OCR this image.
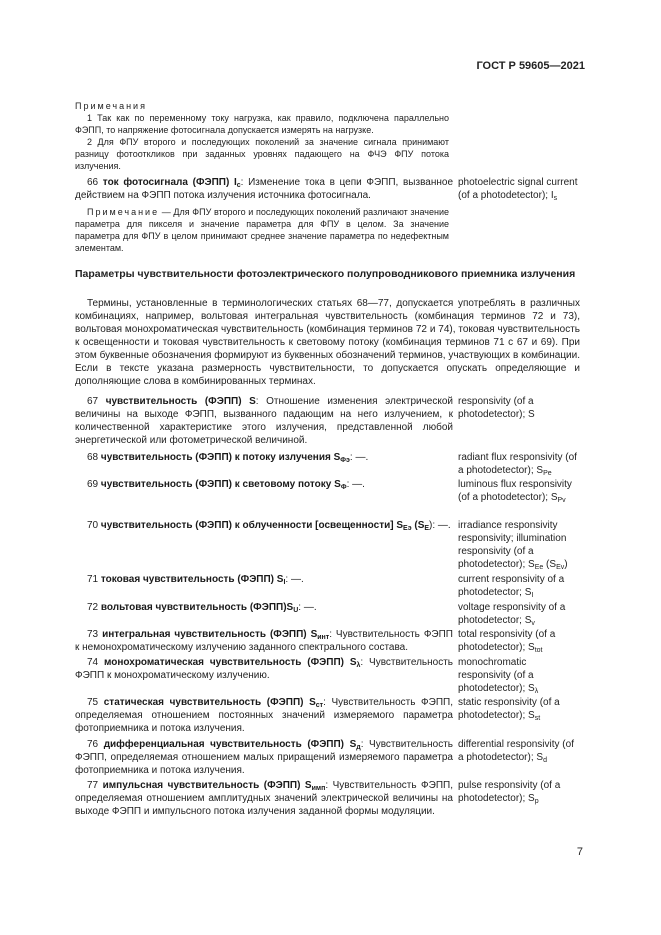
ГОСТ Р 59605—2021
Примечания
1 Так как по переменному току нагрузка, как правило, подключена параллельно ФЭПП, то напряжение фотосигнала допускается измерять на нагрузке.
2 Для ФПУ второго и последующих поколений за значение сигнала принимают разницу фотооткликов при заданных уровнях падающего на ФЧЭ ФПУ потока излучения.
66 ток фотосигнала (ФЭПП) $I_c$: Изменение тока в цепи ФЭПП, вызванное действием на ФЭПП потока излучения источника фотосигнала.
photoelectric signal current (of a photodetector); $I_s$
Примечание — Для ФПУ второго и последующих поколений различают значение параметра для пикселя и значение параметра для ФПУ в целом. За значение параметра для ФПУ в целом принимают среднее значение параметра по недефектным элементам.
Параметры чувствительности фотоэлектрического полупроводникового приемника излучения
Термины, установленные в терминологических статьях 68—77, допускается употреблять в различных комбинациях, например, вольтовая интегральная чувствительность (комбинация терминов 72 и 73), вольтовая монохроматическая чувствительность (комбинация терминов 72 и 74), токовая чувствительность к освещенности и токовая чувствительность к световому потоку (комбинация терминов 71 с 67 и 69). При этом буквенные обозначения формируют из буквенных обозначений терминов, участвующих в комбинации. Если в тексте указана размерность чувствительности, то допускается опускать определяющие и дополняющие слова в комбинированных терминах.
67 чувствительность (ФЭПП) S: Отношение изменения электрической величины на выходе ФЭПП, вызванного падающим на него излучением, к количественной характеристике этого излучения, представленной любой энергетической или фотометрической величиной.
responsivity (of a photodetector); S
68 чувствительность (ФЭПП) к потоку излучения $S_{\Phi э}$: —.	radiant flux responsivity (of a photodetector); $S_{Pe}$
69 чувствительность (ФЭПП) к световому потоку $S_\Phi$: —.	luminous flux responsivity (of a photodetector); $S_{Pv}$
70 чувствительность (ФЭПП) к облученности [освещенности] $S_{Eэ}$ $(S_E)$: —. irradiance responsivity responsivity; illumination responsivity (of a photodetector); $S_{Ee}$ $(S_{Ev})$
71 токовая чувствительность (ФЭПП) $S_I$: —.	current responsivity of a photodetector; $S_I$
72 вольтовая чувствительность $(ФЭПП)S_U$: —.	voltage responsivity of a photodetector; $S_v$
73 интегральная чувствительность (ФЭПП) $S_{инт}$: Чувствительность ФЭПП к немонохроматическому излучению заданного спектрального состава.
total responsivity (of a photodetector); $S_{tot}$
74 монохроматическая чувствительность (ФЭПП) $S_\lambda$: Чувствительность ФЭПП к монохроматическому излучению.
monochromatic responsivity (of a photodetector); $S_\lambda$
75 статическая чувствительность (ФЭПП) $S_{ст}$: Чувствительность ФЭПП, определяемая отношением постоянных значений измеряемого параметра фотоприемника и потока излучения.
static responsivity (of a photodetector); $S_{st}$
76 дифференциальная чувствительность (ФЭПП) $S_д$: Чувствительность ФЭПП, определяемая отношением малых приращений измеряемого параметра фотоприемника и потока излучения.
differential responsivity (of a photodetector); $S_d$
77 импульсная чувствительность (ФЭПП) $S_{имп}$: Чувствительность ФЭПП, определяемая отношением амплитудных значений электрической величины на выходе ФЭПП и импульсного потока излучения заданной формы модуляции.
pulse responsivity (of a photodetector); $S_p$
7
